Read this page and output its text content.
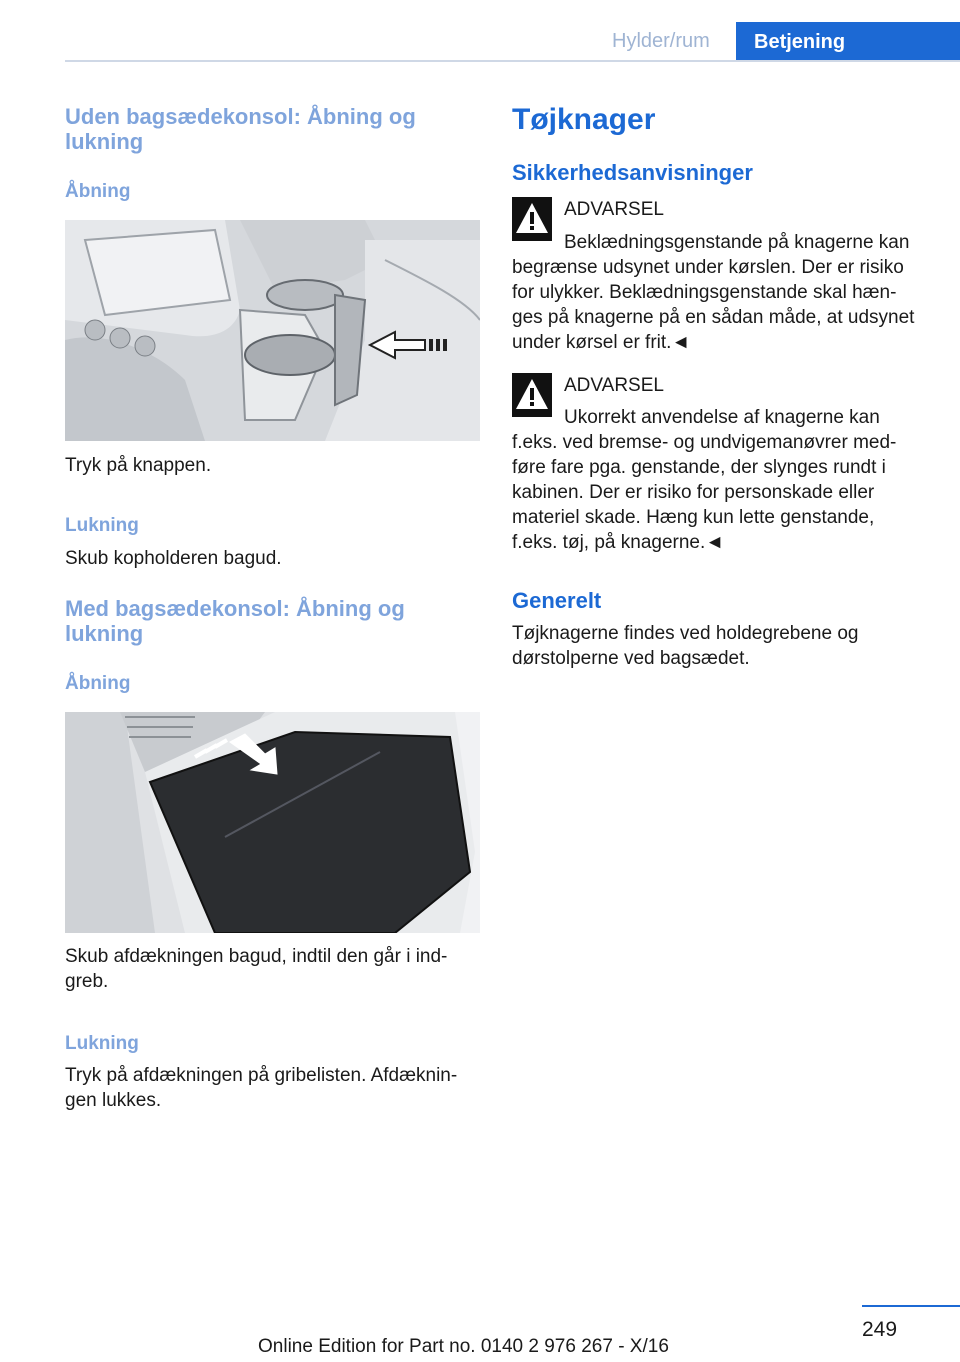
Hylder/rum	Betjening

Uden bagsædekonsol: Åbning og

lukning

Åbning

Tryk på knappen.

Lukning

Skub kopholderen bagud.

Med bagsædekonsol: Åbning og

lukning

Åbning

Skub afdækningen bagud, indtil den går i ind-

greb.

Lukning

Tryk på afdækningen på gribelisten. Afdæknin-

gen lukkes.

Tøjknager

Sikkerhedsanvisninger

ADVARSEL

Beklædningsgenstande på knagerne kan

begrænse udsynet under kørslen. Der er risiko

for ulykker. Beklædningsgenstande skal hæn-

ges på knagerne på en sådan måde, at udsynet

under kørsel er frit.◄

ADVARSEL

Ukorrekt anvendelse af knagerne kan

f.eks. ved bremse- og undvigemanøvrer med-

føre fare pga. genstande, der slynges rundt i

kabinen. Der er risiko for personskade eller

materiel skade. Hæng kun lette genstande,

f.eks. tøj, på knagerne.◄

Generelt

Tøjknagerne findes ved holdegrebene og

dørstolperne ved bagsædet.

249
Online Edition for Part no. 0140 2 976 267 - X/16
